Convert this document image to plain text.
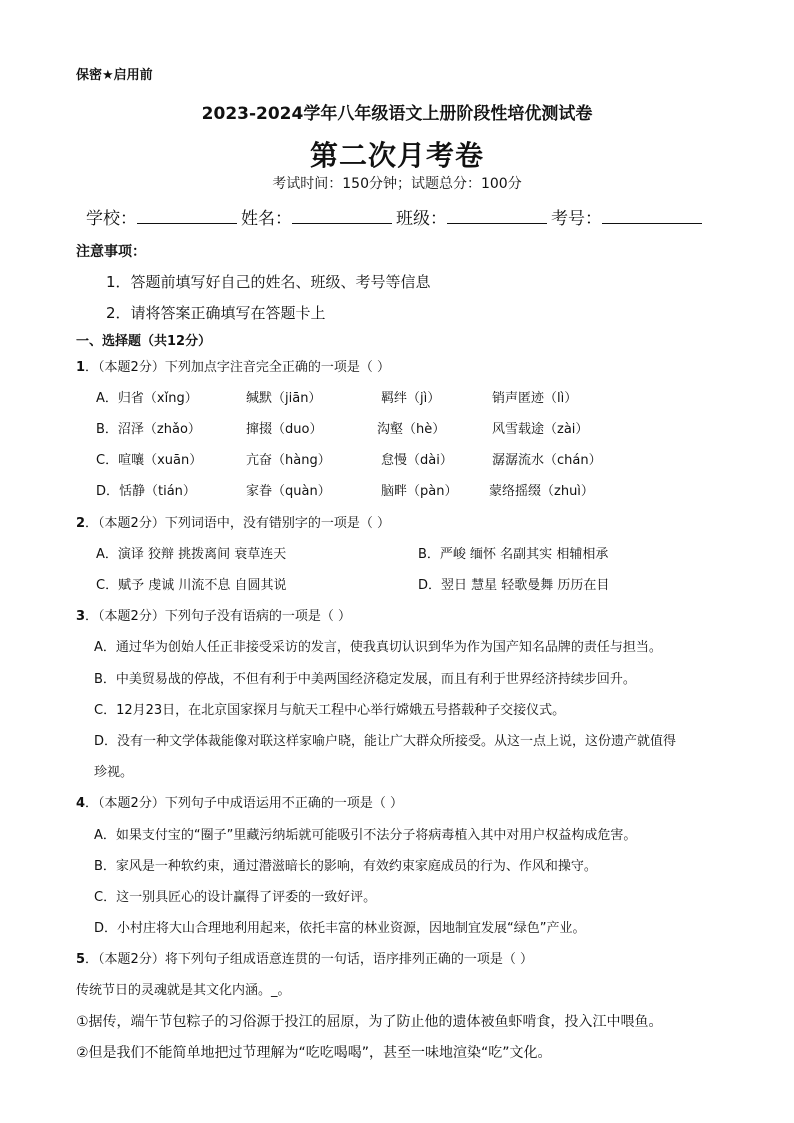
保密★启用前
2023-2024学年八年级语文上册阶段性培优测试卷
第二次月考卷
考试时间：150分钟；试题总分：100分
学校：	姓名：	班级：	考号：
注意事项：
1．答题前填写好自己的姓名、班级、考号等信息
2．请将答案正确填写在答题卡上
一、选择题（共12分）
1．（本题2分）下列加点字注音完全正确的一项是（ ）
A．归省（xǐng）	缄默（jiān）	羁绊（jì）	销声匿迹（lì）
B．沼泽（zhǎo）	撺掇（duo）	沟壑（hè）	风雪载途（zài）
C．喧嚷（xuān）	亢奋（hàng）	怠慢（dài）	潺潺流水（chán）
D．恬静（tián）	家眷（quàn）	脑畔（pàn） 蒙络摇缀（zhuì）
2．（本题2分）下列词语中，没有错别字的一项是（ ）
A．演译 狡辩 挑拨离间 衰草连天	B．严峻 缅怀 名副其实 相辅相承
C．赋予 虔诚 川流不息 自圆其说	D．翌日 慧星 轻歌曼舞 历历在目
3．（本题2分）下列句子没有语病的一项是（ ）
A．通过华为创始人任正非接受采访的发言，使我真切认识到华为作为国产知名品牌的责任与担当。
B．中美贸易战的停战，不但有利于中美两国经济稳定发展，而且有利于世界经济持续步回升。
C．12月23日，在北京国家探月与航天工程中心举行嫦娥五号搭载种子交接仪式。
D．没有一种文学体裁能像对联这样家喻户晓，能让广大群众所接受。从这一点上说，这份遗产就值得
珍视。
4．（本题2分）下列句子中成语运用不正确的一项是（ ）
A．如果支付宝的“圈子”里藏污纳垢就可能吸引不法分子将病毒植入其中对用户权益构成危害。
B．家风是一种软约束，通过潜滋暗长的影响，有效约束家庭成员的行为、作风和操守。
C．这一别具匠心的设计赢得了评委的一致好评。
D．小村庄将大山合理地利用起来，依托丰富的林业资源，因地制宜发展“绿色”产业。
5．（本题2分）将下列句子组成语意连贯的一句话，语序排列正确的一项是（ ）
传统节日的灵魂就是其文化内涵。_。
①据传，端午节包粽子的习俗源于投江的屈原，为了防止他的遗体被鱼虾啃食，投入江中喂鱼。
②但是我们不能简单地把过节理解为“吃吃喝喝”，甚至一味地渲染“吃”文化。
